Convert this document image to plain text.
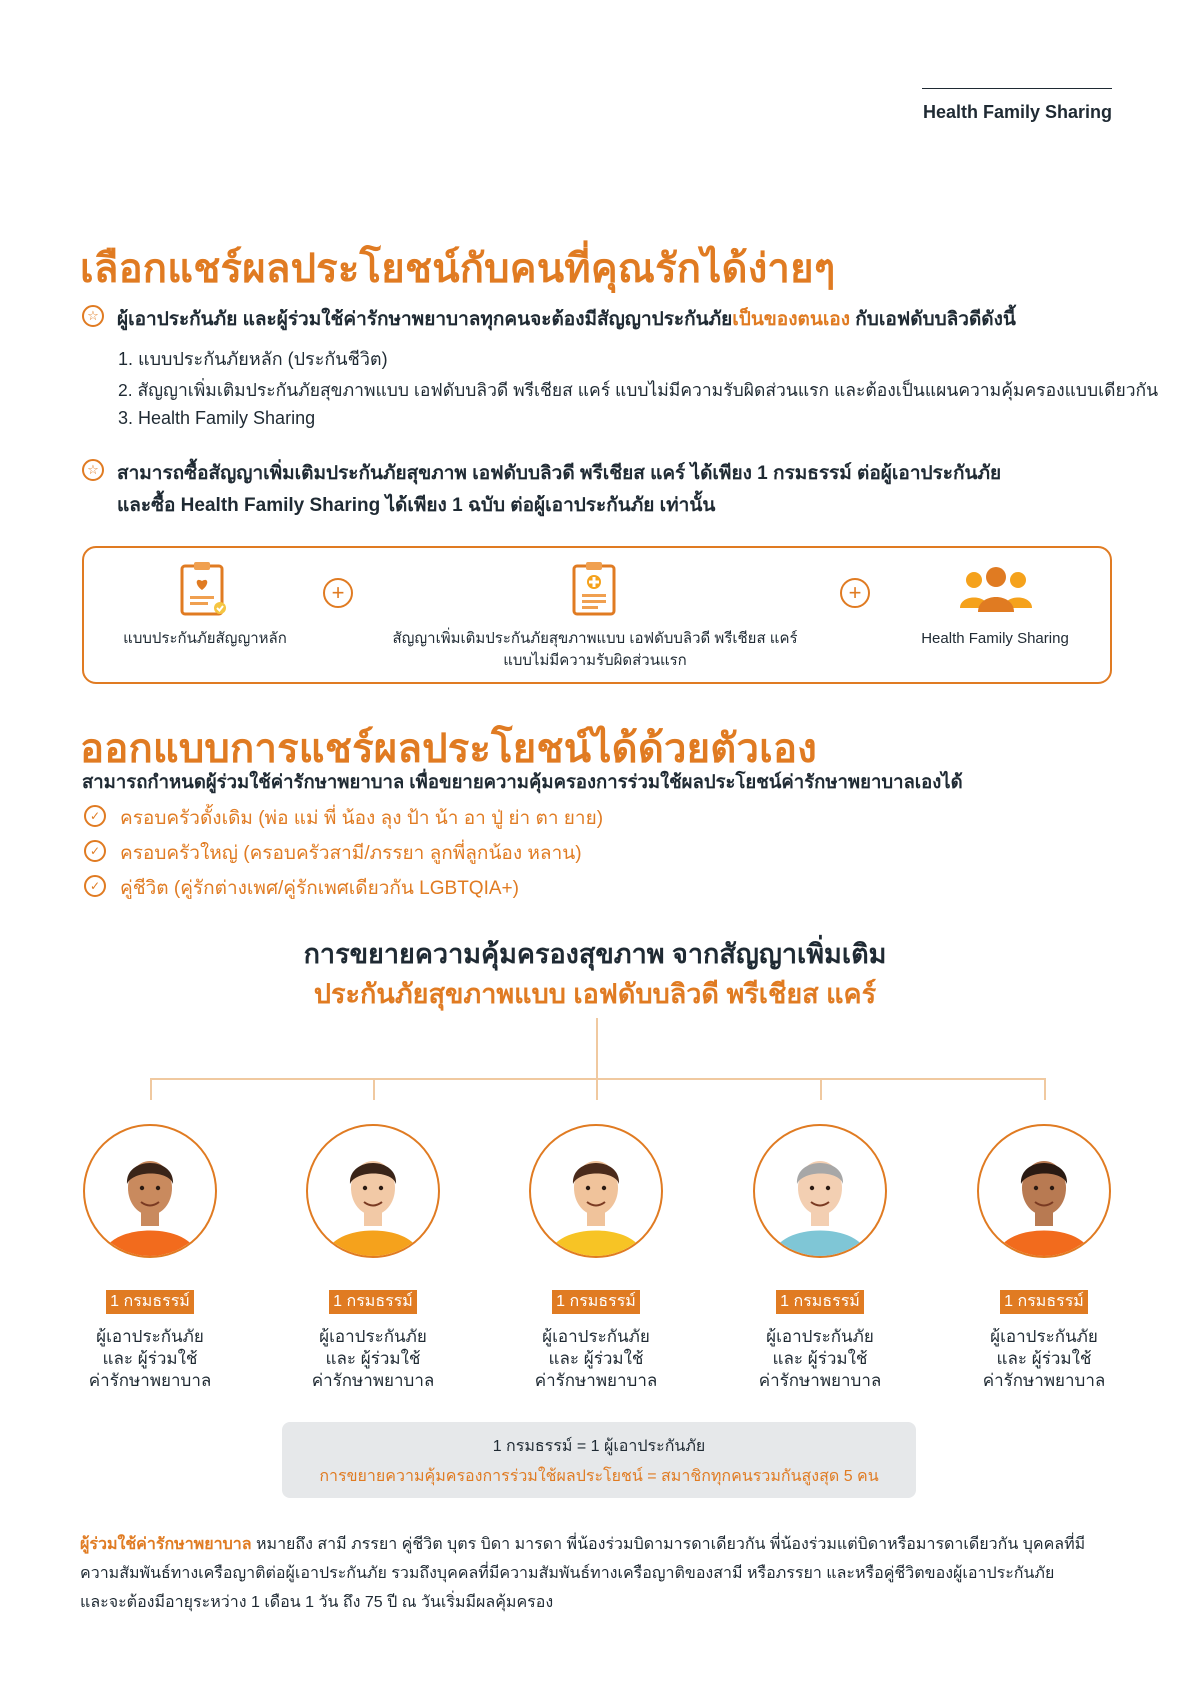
Health Family Sharing
เลือกแชร์ผลประโยชน์กับคนที่คุณรักได้ง่ายๆ
☆ ผู้เอาประกันภัย และผู้ร่วมใช้ค่ารักษาพยาบาลทุกคนจะต้องมีสัญญาประกันภัยเป็นของตนเอง กับเอฟดับบลิวดีดังนี้
1. แบบประกันภัยหลัก (ประกันชีวิต)
2. สัญญาเพิ่มเติมประกันภัยสุขภาพแบบ เอฟดับบลิวดี พรีเชียส แคร์ แบบไม่มีความรับผิดส่วนแรก และต้องเป็นแผนความคุ้มครองแบบเดียวกัน
3. Health Family Sharing
☆ สามารถซื้อสัญญาเพิ่มเติมประกันภัยสุขภาพ เอฟดับบลิวดี พรีเชียส แคร์ ได้เพียง 1 กรมธรรม์ ต่อผู้เอาประกันภัย
และซื้อ Health Family Sharing ได้เพียง 1 ฉบับ ต่อผู้เอาประกันภัย เท่านั้น
แบบประกันภัยสัญญาหลัก
+
สัญญาเพิ่มเติมประกันภัยสุขภาพแบบ เอฟดับบลิวดี พรีเชียส แคร์
แบบไม่มีความรับผิดส่วนแรก
+
Health Family Sharing
ออกแบบการแชร์ผลประโยชน์ได้ด้วยตัวเอง
สามารถกำหนดผู้ร่วมใช้ค่ารักษาพยาบาล เพื่อขยายความคุ้มครองการร่วมใช้ผลประโยชน์ค่ารักษาพยาบาลเองได้
✓	ครอบครัวดั้งเดิม (พ่อ แม่ พี่ น้อง ลุง ป้า น้า อา ปู่ ย่า ตา ยาย)
✓	ครอบครัวใหญ่ (ครอบครัวสามี/ภรรยา ลูกพี่ลูกน้อง หลาน)
✓	คู่ชีวิต (คู่รักต่างเพศ/คู่รักเพศเดียวกัน LGBTQIA+)
การขยายความคุ้มครองสุขภาพ จากสัญญาเพิ่มเติม
ประกันภัยสุขภาพแบบ เอฟดับบลิวดี พรีเชียส แคร์
1 กรมธรรม์
ผู้เอาประกันภัย
และ ผู้ร่วมใช้
ค่ารักษาพยาบาล
1 กรมธรรม์
ผู้เอาประกันภัย
และ ผู้ร่วมใช้
ค่ารักษาพยาบาล
1 กรมธรรม์
ผู้เอาประกันภัย
และ ผู้ร่วมใช้
ค่ารักษาพยาบาล
1 กรมธรรม์
ผู้เอาประกันภัย
และ ผู้ร่วมใช้
ค่ารักษาพยาบาล
1 กรมธรรม์
ผู้เอาประกันภัย
และ ผู้ร่วมใช้
ค่ารักษาพยาบาล
1 กรมธรรม์ = 1 ผู้เอาประกันภัย
การขยายความคุ้มครองการร่วมใช้ผลประโยชน์ = สมาชิกทุกคนรวมกันสูงสุด 5 คน
ผู้ร่วมใช้ค่ารักษาพยาบาล หมายถึง สามี ภรรยา คู่ชีวิต บุตร บิดา มารดา พี่น้องร่วมบิดามารดาเดียวกัน พี่น้องร่วมแต่บิดาหรือมารดาเดียวกัน บุคคลที่มี
ความสัมพันธ์ทางเครือญาติต่อผู้เอาประกันภัย รวมถึงบุคคลที่มีความสัมพันธ์ทางเครือญาติของสามี หรือภรรยา และหรือคู่ชีวิตของผู้เอาประกันภัย
และจะต้องมีอายุระหว่าง 1 เดือน 1 วัน ถึง 75 ปี ณ วันเริ่มมีผลคุ้มครอง
